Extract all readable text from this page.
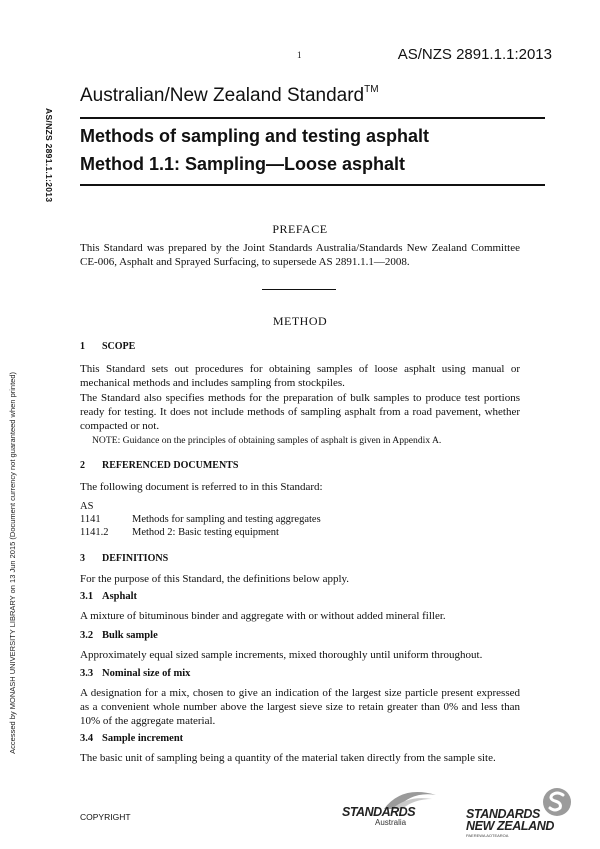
1	AS/NZS 2891.1.1:2013
AS/NZS 2891.1.1:2013
Accessed by MONASH UNIVERSITY LIBRARY on 13 Jun 2015 (Document currency not guaranteed when printed)
Australian/New Zealand Standard™
Methods of sampling and testing asphalt
Method 1.1: Sampling—Loose asphalt
PREFACE
This Standard was prepared by the Joint Standards Australia/Standards New Zealand Committee CE-006, Asphalt and Sprayed Surfacing, to supersede AS 2891.1.1—2008.
METHOD
1 SCOPE
This Standard sets out procedures for obtaining samples of loose asphalt using manual or mechanical methods and includes sampling from stockpiles.
The Standard also specifies methods for the preparation of bulk samples to produce test portions ready for testing. It does not include methods of sampling asphalt from a road pavement, whether compacted or not.
NOTE: Guidance on the principles of obtaining samples of asphalt is given in Appendix A.
2 REFERENCED DOCUMENTS
The following document is referred to in this Standard:
AS
1141	Methods for sampling and testing aggregates
1141.2 Method 2: Basic testing equipment
3 DEFINITIONS
For the purpose of this Standard, the definitions below apply.
3.1 Asphalt
A mixture of bituminous binder and aggregate with or without added mineral filler.
3.2 Bulk sample
Approximately equal sized sample increments, mixed thoroughly until uniform throughout.
3.3 Nominal size of mix
A designation for a mix, chosen to give an indication of the largest size particle present expressed as a convenient whole number above the largest sieve size to retain greater than 0% and less than 10% of the aggregate material.
3.4 Sample increment
The basic unit of sampling being a quantity of the material taken directly from the sample site.
COPYRIGHT	STANDARDS
Australia
STANDARDS
NEW ZEALAND
PAEREWA AOTEAROA
